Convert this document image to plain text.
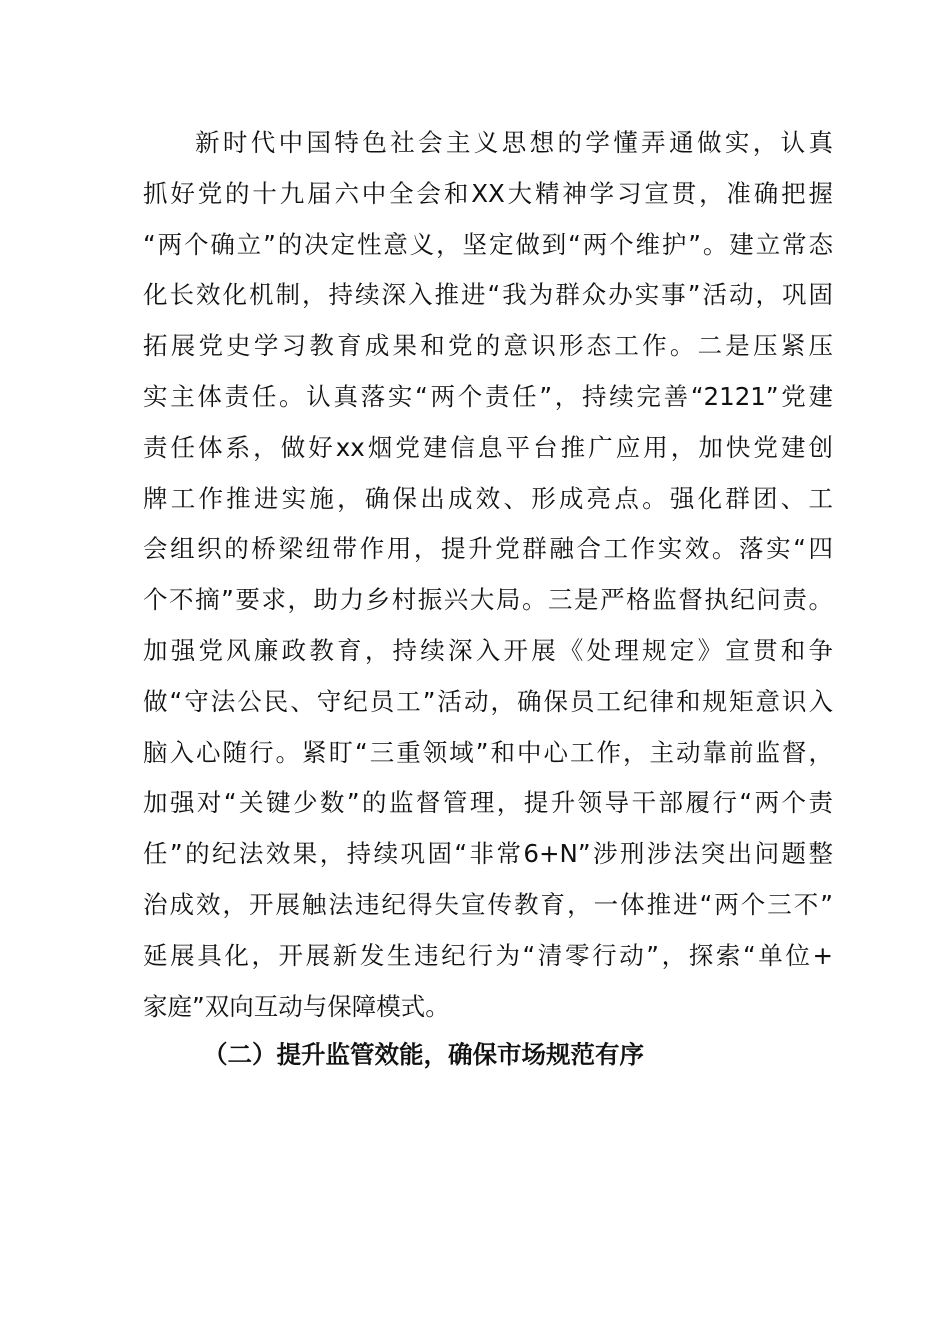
新时代中国特色社会主义思想的学懂弄通做实，认真
抓好党的十九届六中全会和XX大精神学习宣贯，准确把握
“两个确立”的决定性意义，坚定做到“两个维护”。建立常态
化长效化机制，持续深入推进“我为群众办实事”活动，巩固
拓展党史学习教育成果和党的意识形态工作。二是压紧压
实主体责任。认真落实“两个责任”，持续完善“2121”党建
责任体系，做好xx烟党建信息平台推广应用，加快党建创
牌工作推进实施，确保出成效、形成亮点。强化群团、工
会组织的桥梁纽带作用，提升党群融合工作实效。落实“四
个不摘”要求，助力乡村振兴大局。三是严格监督执纪问责。
加强党风廉政教育，持续深入开展《处理规定》宣贯和争
做“守法公民、守纪员工”活动，确保员工纪律和规矩意识入
脑入心随行。紧盯“三重领域”和中心工作，主动靠前监督，
加强对“关键少数”的监督管理，提升领导干部履行“两个责
任”的纪法效果，持续巩固“非常6+N”涉刑涉法突出问题整
治成效，开展触法违纪得失宣传教育，一体推进“两个三不”
延展具化，开展新发生违纪行为“清零行动”，探索“单位+
家庭”双向互动与保障模式。
（二）提升监管效能，确保市场规范有序
